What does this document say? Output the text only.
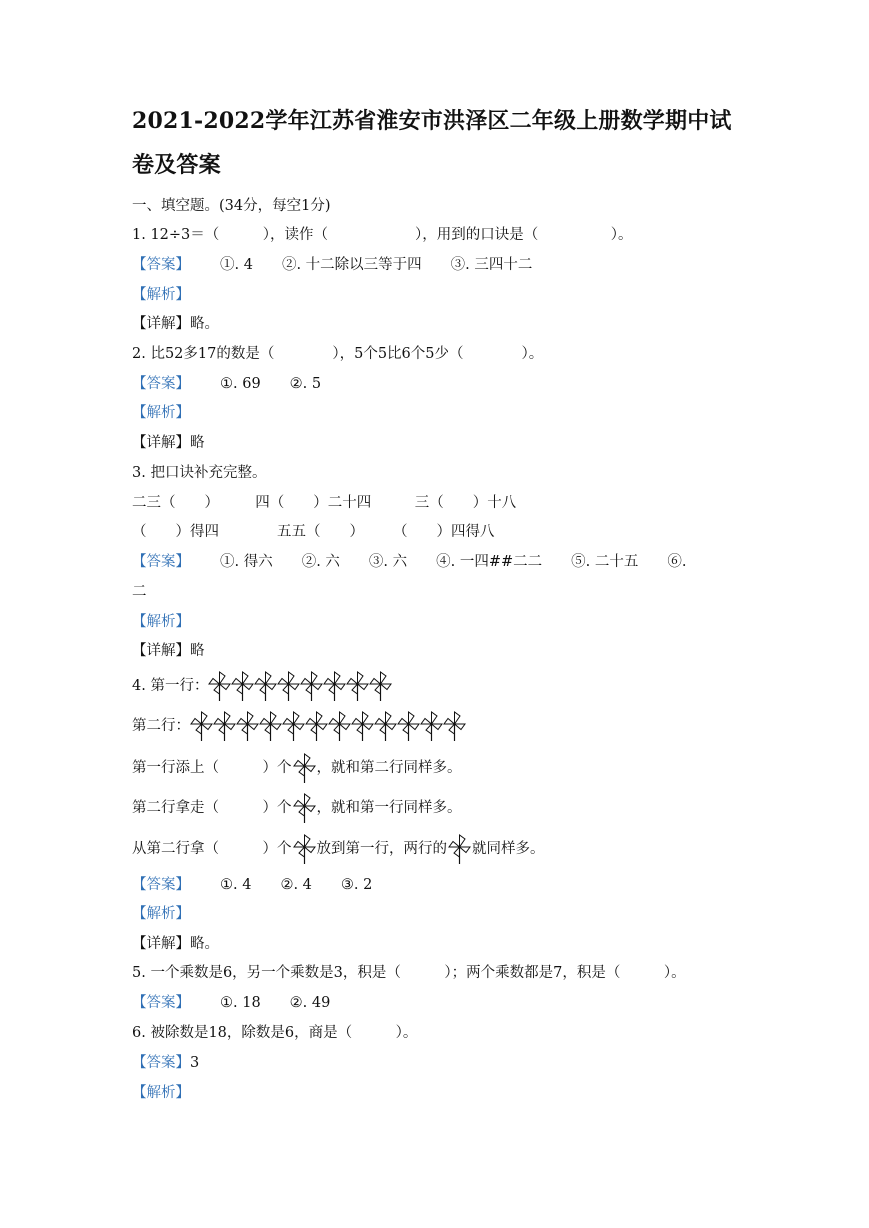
2021-2022学年江苏省淮安市洪泽区二年级上册数学期中试
卷及答案
一、填空题。(34分，每空1分)
1. 12÷3＝（　　　），读作（　　　　　　），用到的口诀是（　　　　　）。
【答案】 ①. 4　　②. 十二除以三等于四　　③. 三四十二
【解析】
【详解】略。
2. 比52多17的数是（　　　　），5个5比6个5少（　　　　）。
【答案】 ①. 69　　②. 5
【解析】
【详解】略
3. 把口诀补充完整。
二三（　　）　　　四（　　）二十四　　　三（　　）十八
（　　）得四　　　　五五（　　）　　　（　　）四得八
【答案】 ①. 得六　　②. 六　　③. 六　　④. 一四##二二　　⑤. 二十五　　⑥.
二
【解析】
【详解】略
4. 第一行：
第二行：
第一行添上（　　　）个 ，就和第二行同样多。
第二行拿走（　　　）个 ，就和第一行同样多。
从第二行拿（　　　）个 放到第一行，两行的 就同样多。
【答案】 ①. 4　　②. 4　　③. 2
【解析】
【详解】略。
5. 一个乘数是6，另一个乘数是3，积是（　　　）；两个乘数都是7，积是（　　　）。
【答案】 ①. 18　　②. 49
6. 被除数是18，除数是6，商是（　　　）。
【答案】3
【解析】
